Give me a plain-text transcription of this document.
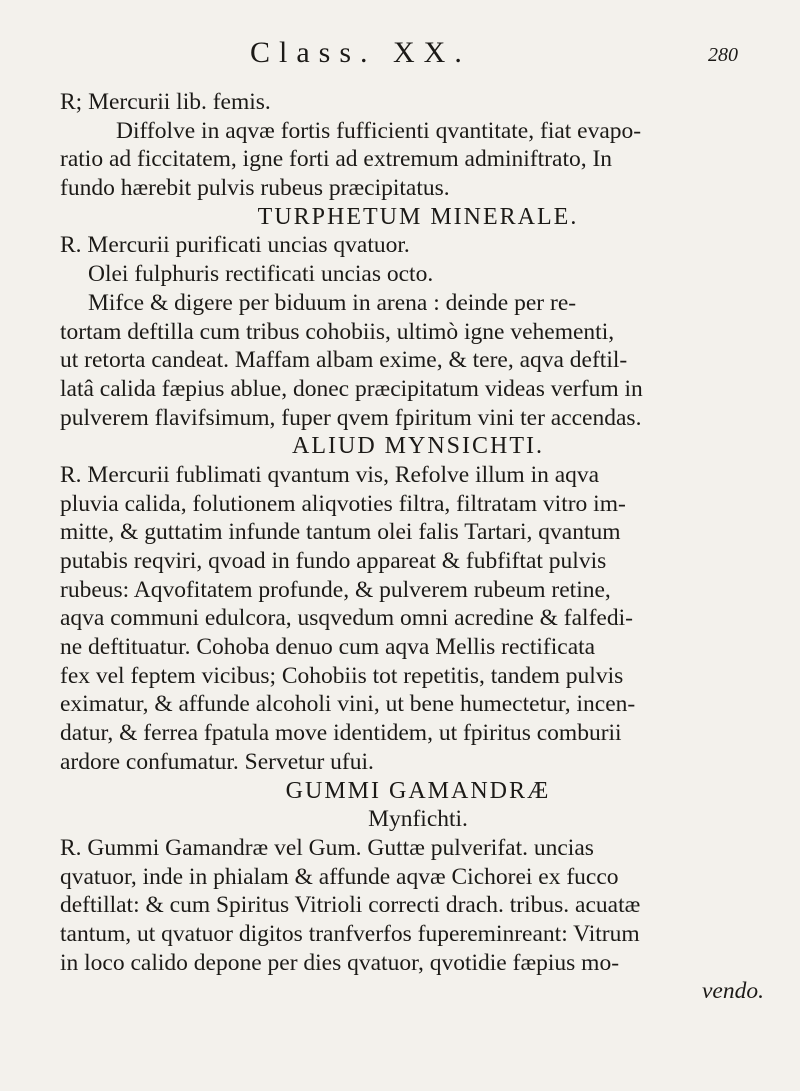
Class. XX.	280
R; Mercurii lib. femis.
Diffolve in aqvæ fortis fufficienti qvantitate, fiat evapo-
ratio ad ficcitatem, igne forti ad extremum adminiftrato, In
fundo hærebit pulvis rubeus præcipitatus.
TURPHETUM MINERALE.
R. Mercurii purificati uncias qvatuor.
Olei fulphuris rectificati uncias octo.
Mifce & digere per biduum in arena : deinde per re-
tortam deftilla cum tribus cohobiis, ultimò igne vehementi,
ut retorta candeat. Maffam albam exime, & tere, aqva deftil-
latâ calida fæpius ablue, donec præcipitatum videas verfum in
pulverem flavifsimum, fuper qvem fpiritum vini ter accendas.
ALIUD MYNSICHTI.
R. Mercurii fublimati qvantum vis, Refolve illum in aqva
pluvia calida, folutionem aliqvoties filtra, filtratam vitro im-
mitte, & guttatim infunde tantum olei falis Tartari, qvantum
putabis reqviri, qvoad in fundo appareat & fubfiftat pulvis
rubeus: Aqvofitatem profunde, & pulverem rubeum retine,
aqva communi edulcora, usqvedum omni acredine & falfedi-
ne deftituatur. Cohoba denuo cum aqva Mellis rectificata
fex vel feptem vicibus; Cohobiis tot repetitis, tandem pulvis
eximatur, & affunde alcoholi vini, ut bene humectetur, incen-
datur, & ferrea fpatula move identidem, ut fpiritus comburii
ardore confumatur. Servetur ufui.
GUMMI GAMANDRÆ
Mynfichti.
R. Gummi Gamandræ vel Gum. Guttæ pulverifat. uncias
qvatuor, inde in phialam & affunde aqvæ Cichorei ex fucco
deftillat: & cum Spiritus Vitrioli correcti drach. tribus. acuatæ
tantum, ut qvatuor digitos tranfverfos fupereminreant: Vitrum
in loco calido depone per dies qvatuor, qvotidie fæpius mo-
vendo.
